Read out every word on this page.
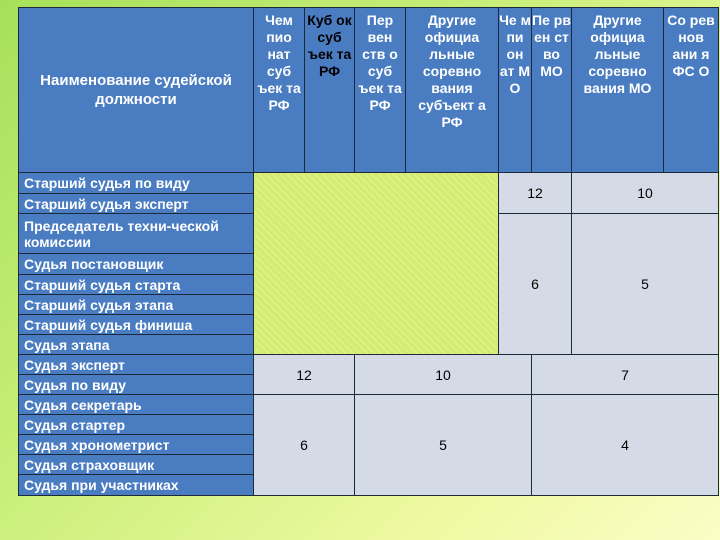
Наименование судейской должности	Чем пио нат суб ъек та РФ	Куб ок суб ъек та РФ	Пер вен ств о суб ъек та РФ	Другие официа льные соревно вания субъект а РФ	Че м пи он ат М О	Пе рв ен ст во МО	Другие официа льные соревно вания МО	Со рев нов ани я ФС О
Старший судья по виду					12		10	
Старший судья эксперт								
Председатель техни-ческой комиссии					6		5	
Судья постановщик								
Старший судья старта								
Старший судья этапа								
Старший судья финиша								
Судья этапа								
Судья эксперт	12		10			7		
Судья по виду								
Судья секретарь	6		5			4		
Судья стартер								
Судья хронометрист								
Судья страховщик								
Судья при участниках								
